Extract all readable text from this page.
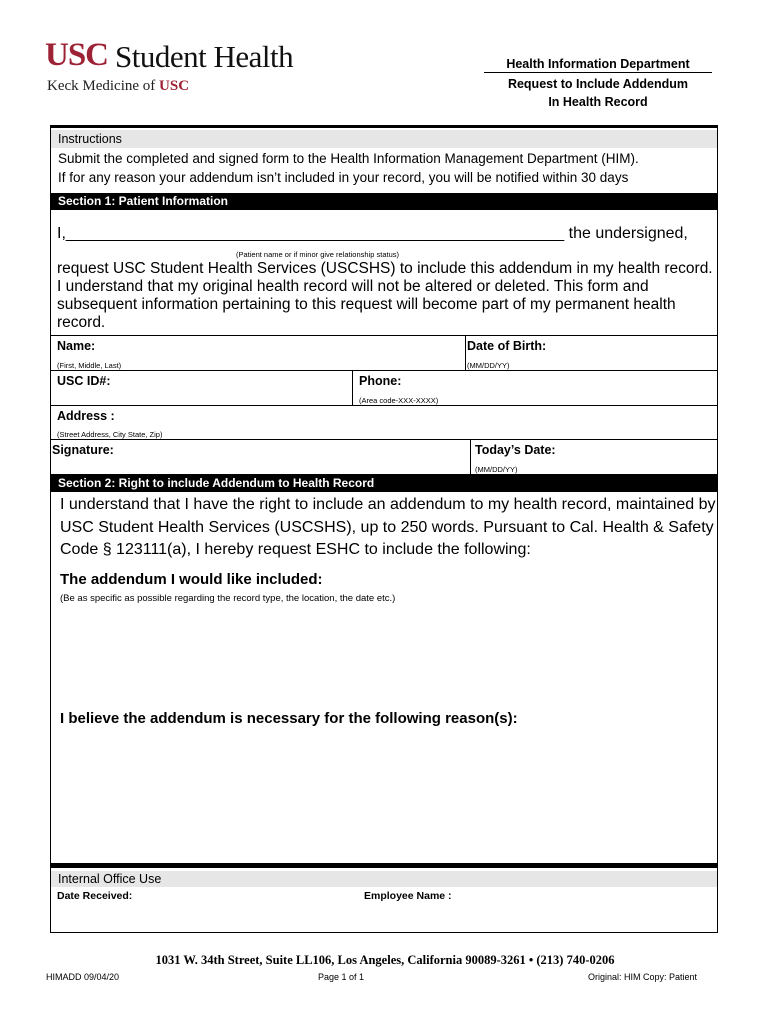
USC Student Health
Keck Medicine of USC
Health Information Department
Request to Include Addendum
In Health Record
Instructions
Submit the completed and signed form to the Health Information Management Department (HIM).
If for any reason your addendum isn’t included in your record, you will be notified within 30 days
Section 1: Patient Information
I,________________________________________________________ the undersigned,
(Patient name or if minor give relationship status)
request USC Student Health Services (USCSHS) to include this addendum in my health record. I understand that my original health record will not be altered or deleted. This form and subsequent information pertaining to this request will become part of my permanent health record.
Name:
(First, Middle, Last)
Date of Birth:
(MM/DD/YY)
USC ID#:	Phone:
(Area code-XXX-XXXX)
Address :
(Street Address, City State, Zip)
Signature:	Today’s Date:
(MM/DD/YY)
Section 2: Right to include Addendum to Health Record
I understand that I have the right to include an addendum to my health record, maintained by USC Student Health Services (USCSHS), up to 250 words. Pursuant to Cal. Health & Safety Code § 123111(a), I hereby request ESHC to include the following:
The addendum I would like included:
(Be as specific as possible regarding the record type, the location, the date etc.)
I believe the addendum is necessary for the following reason(s):
Internal Office Use
Date Received:	Employee Name :
1031 W. 34th Street, Suite LL106, Los Angeles, California 90089-3261 • (213) 740-0206
HIMADD 09/04/20	Page 1 of 1	Original: HIM Copy: Patient
